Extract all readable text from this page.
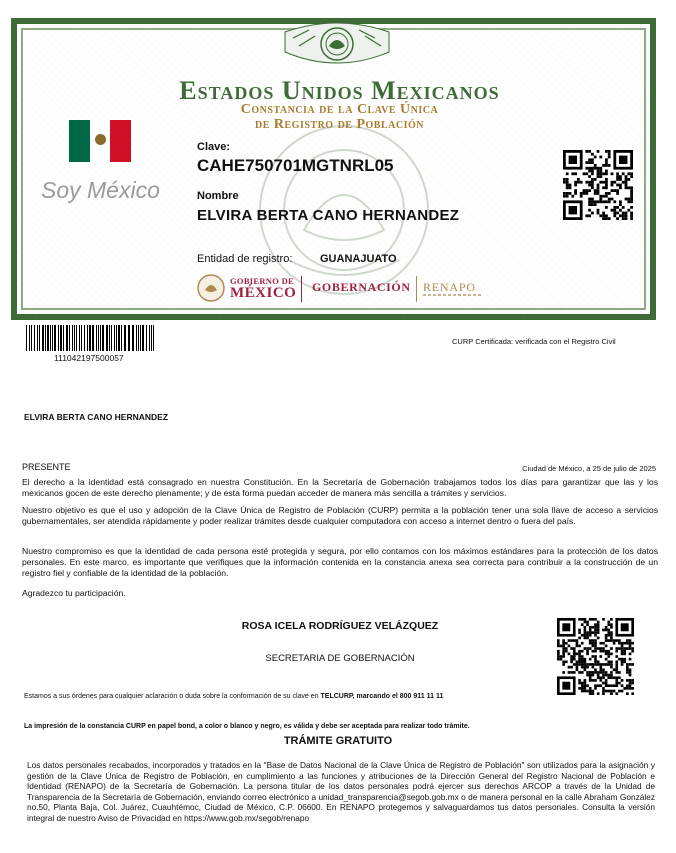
Estados Unidos Mexicanos
Constancia de la Clave Única
de Registro de Población
Soy México
Clave:
CAHE750701MGTNRL05
Nombre
ELVIRA BERTA CANO HERNANDEZ
Entidad de registro:	GUANAJUATO
GOBIERNO DE
MÉXICO GOBERNACIÓN RENAPO
111042197500057
CURP Certificada: verificada con el Registro Civil
ELVIRA BERTA CANO HERNANDEZ
PRESENTE	Ciudad de México, a 25 de julio de 2025
El derecho a la identidad está consagrado en nuestra Constitución. En la Secretaría de Gobernación trabajamos todos los días para garantizar que las y los mexicanos gocen de este derecho plenamente; y de esta forma puedan acceder de manera más sencilla a trámites y servicios.
Nuestro objetivo es que el uso y adopción de la Clave Única de Registro de Población (CURP) permita a la población tener una sola llave de acceso a servicios gubernamentales, ser atendida rápidamente y poder realizar trámites desde cualquier computadora con acceso a internet dentro o fuera del país.
Nuestro compromiso es que la identidad de cada persona esté protegida y segura, por ello contamos con los máximos estándares para la protección de los datos personales. En este marco, es importante que verifiques que la información contenida en la constancia anexa sea correcta para contribuir a la construcción de un registro fiel y confiable de la identidad de la población.
Agradezco tu participación.
ROSA ICELA RODRÍGUEZ VELÁZQUEZ
SECRETARIA DE GOBERNACIÓN
Estamos a sus órdenes para cualquier aclaración o duda sobre la conformación de su clave en TELCURP, marcando el 800 911 11 11
La impresión de la constancia CURP en papel bond, a color o blanco y negro, es válida y debe ser aceptada para realizar todo trámite.
TRÁMITE GRATUITO
Los datos personales recabados, incorporados y tratados en la "Base de Datos Nacional de la Clave Única de Registro de Población" son utilizados para la asignación y gestión de la Clave Única de Registro de Población, en cumplimiento a las funciones y atribuciones de la Dirección General del Registro Nacional de Población e Identidad (RENAPO) de la Secretaría de Gobernación. La persona titular de los datos personales podrá ejercer sus derechos ARCOP a través de la Unidad de Transparencia de la Secretaría de Gobernación, enviando correo electrónico a unidad_transparencia@segob.gob.mx o de manera personal en la calle Abraham González no.50, Planta Baja, Col. Juárez, Cuauhtémoc, Ciudad de México, C.P. 06600. En RENAPO protegemos y salvaguardamos tus datos personales. Consulta la versión integral de nuestro Aviso de Privacidad en https://www.gob.mx/segob/renapo
